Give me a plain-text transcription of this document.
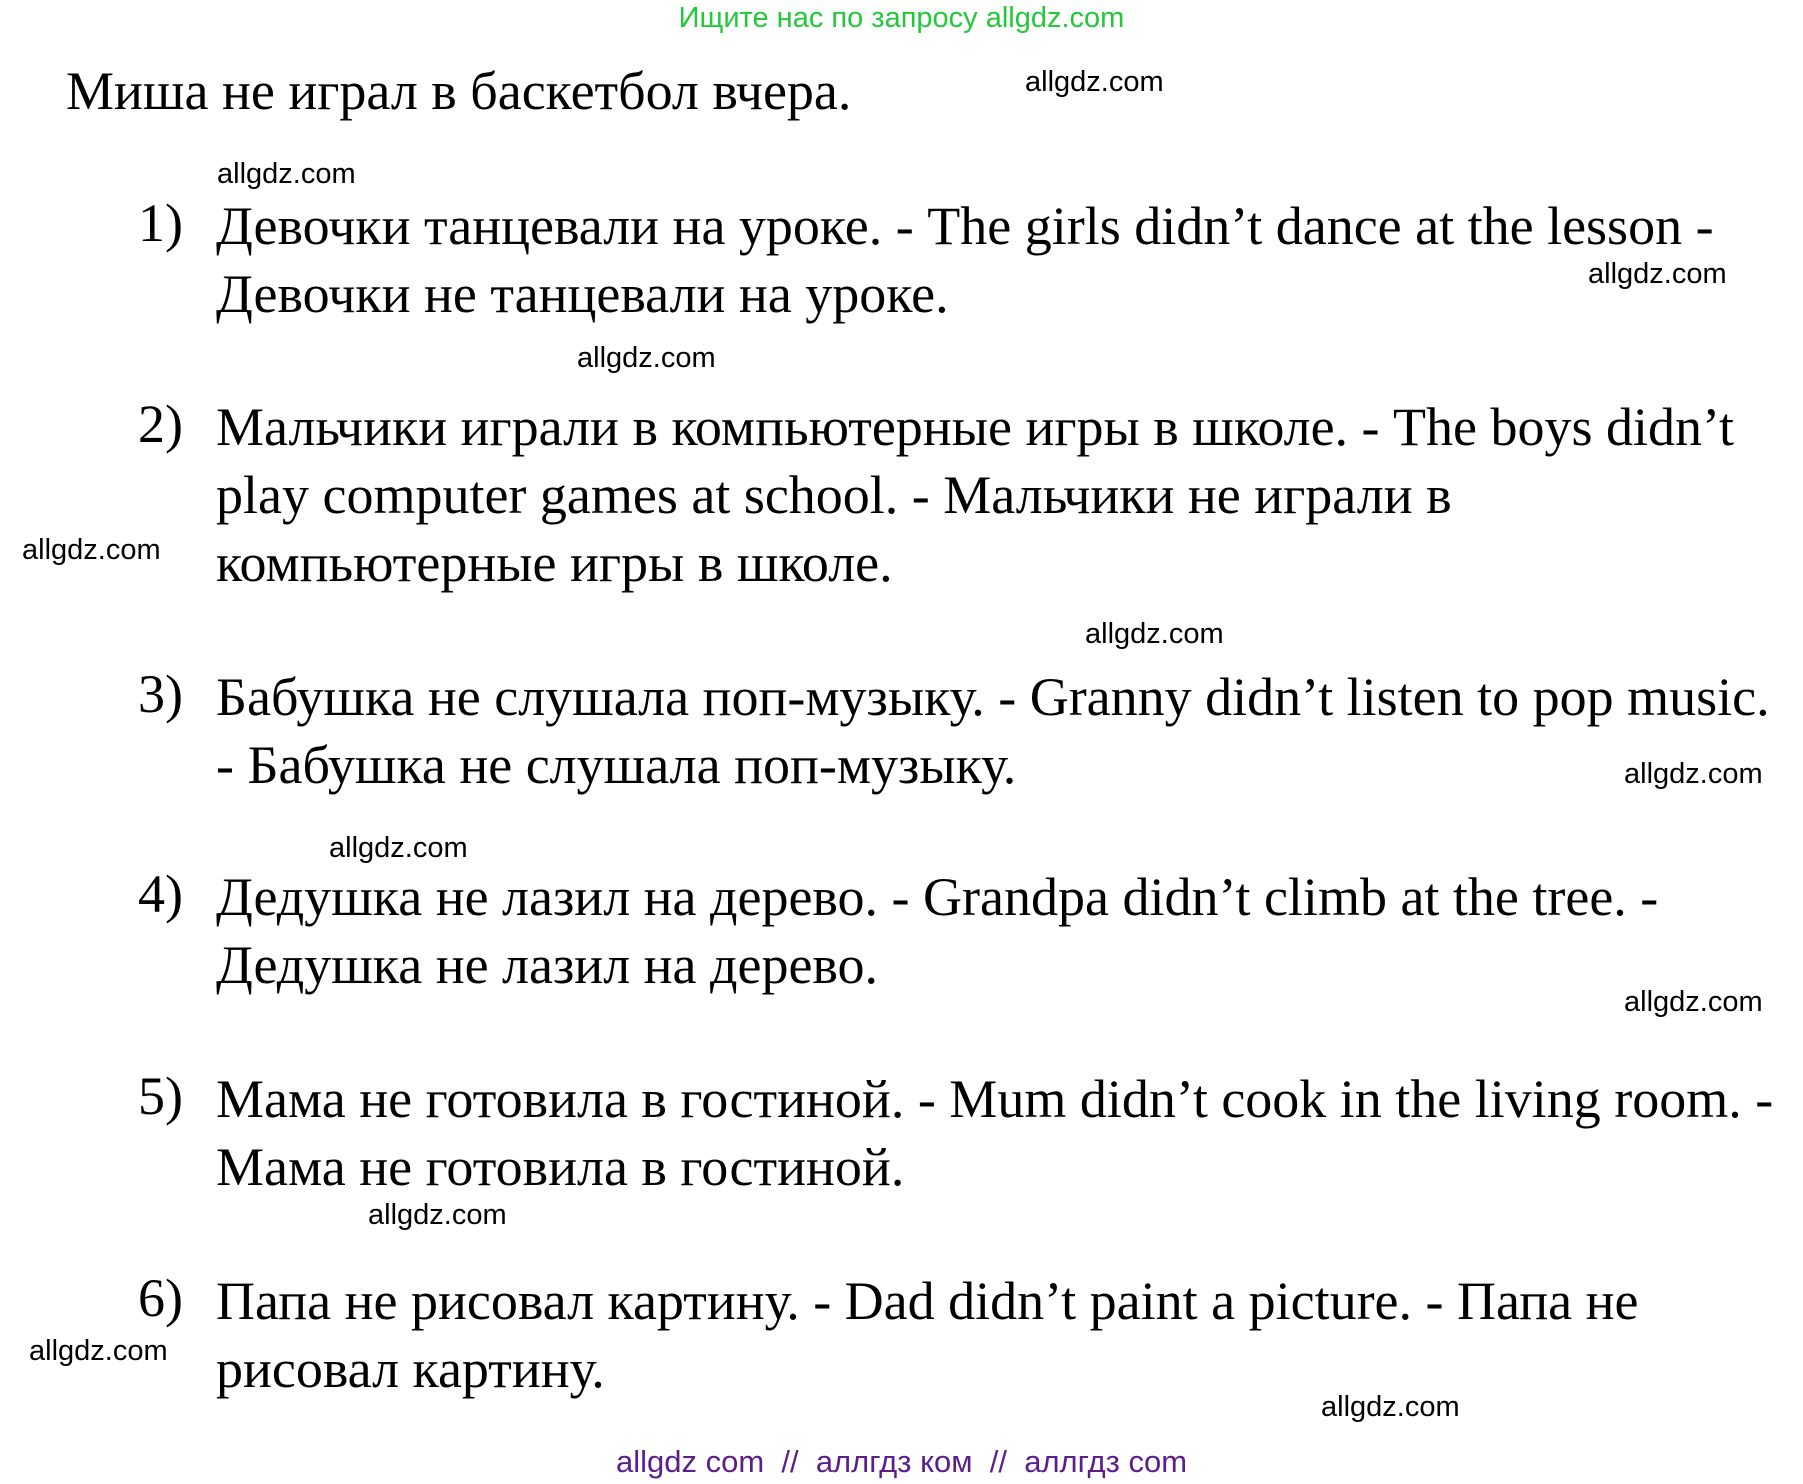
Ищите нас по запросу allgdz.com
Миша не играл в баскетбол вчера.
1) Девочки танцевали на уроке. - The girls didn’t dance at the lesson - Девочки не танцевали на уроке.
2) Мальчики играли в компьютерные игры в школе. - The boys didn’t play computer games at school. - Мальчики не играли в компьютерные игры в школе.
3) Бабушка не слушала поп-музыку. - Granny didn’t listen to pop music. - Бабушка не слушала поп-музыку.
4) Дедушка не лазил на дерево. - Grandpa didn’t climb at the tree. - Дедушка не лазил на дерево.
5) Мама не готовила в гостиной. - Mum didn’t cook in the living room. - Мама не готовила в гостиной.
6) Папа не рисовал картину. - Dad didn’t paint a picture. - Папа не рисовал картину.
allgdz.com
allgdz.com
allgdz.com
allgdz.com
allgdz.com
allgdz.com
allgdz.com
allgdz.com
allgdz.com
allgdz.com
allgdz.com
allgdz.com
allgdz com  //  аллгдз ком  //  аллгдз com
